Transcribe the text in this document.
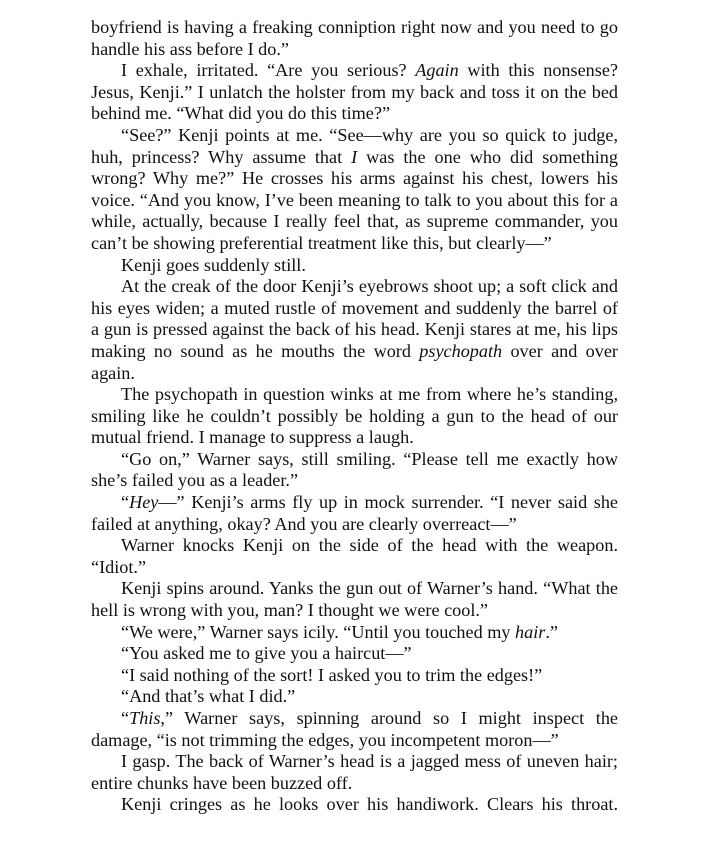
boyfriend is having a freaking conniption right now and you need to go handle his ass before I do.”

I exhale, irritated. “Are you serious? Again with this nonsense? Jesus, Kenji.” I unlatch the holster from my back and toss it on the bed behind me. “What did you do this time?”

“See?” Kenji points at me. “See—why are you so quick to judge, huh, princess? Why assume that I was the one who did something wrong? Why me?” He crosses his arms against his chest, lowers his voice. “And you know, I’ve been meaning to talk to you about this for a while, actually, because I really feel that, as supreme commander, you can’t be showing preferential treatment like this, but clearly—”

Kenji goes suddenly still.

At the creak of the door Kenji’s eyebrows shoot up; a soft click and his eyes widen; a muted rustle of movement and suddenly the barrel of a gun is pressed against the back of his head. Kenji stares at me, his lips making no sound as he mouths the word psychopath over and over again.

The psychopath in question winks at me from where he’s standing, smiling like he couldn’t possibly be holding a gun to the head of our mutual friend. I manage to suppress a laugh.

“Go on,” Warner says, still smiling. “Please tell me exactly how she’s failed you as a leader.”

“Hey—” Kenji’s arms fly up in mock surrender. “I never said she failed at anything, okay? And you are clearly overreact—”

Warner knocks Kenji on the side of the head with the weapon. “Idiot.”

Kenji spins around. Yanks the gun out of Warner’s hand. “What the hell is wrong with you, man? I thought we were cool.”

“We were,” Warner says icily. “Until you touched my hair.”

“You asked me to give you a haircut—”

“I said nothing of the sort! I asked you to trim the edges!”

“And that’s what I did.”

“This,” Warner says, spinning around so I might inspect the damage, “is not trimming the edges, you incompetent moron—”

I gasp. The back of Warner’s head is a jagged mess of uneven hair; entire chunks have been buzzed off.

Kenji cringes as he looks over his handiwork. Clears his throat.
